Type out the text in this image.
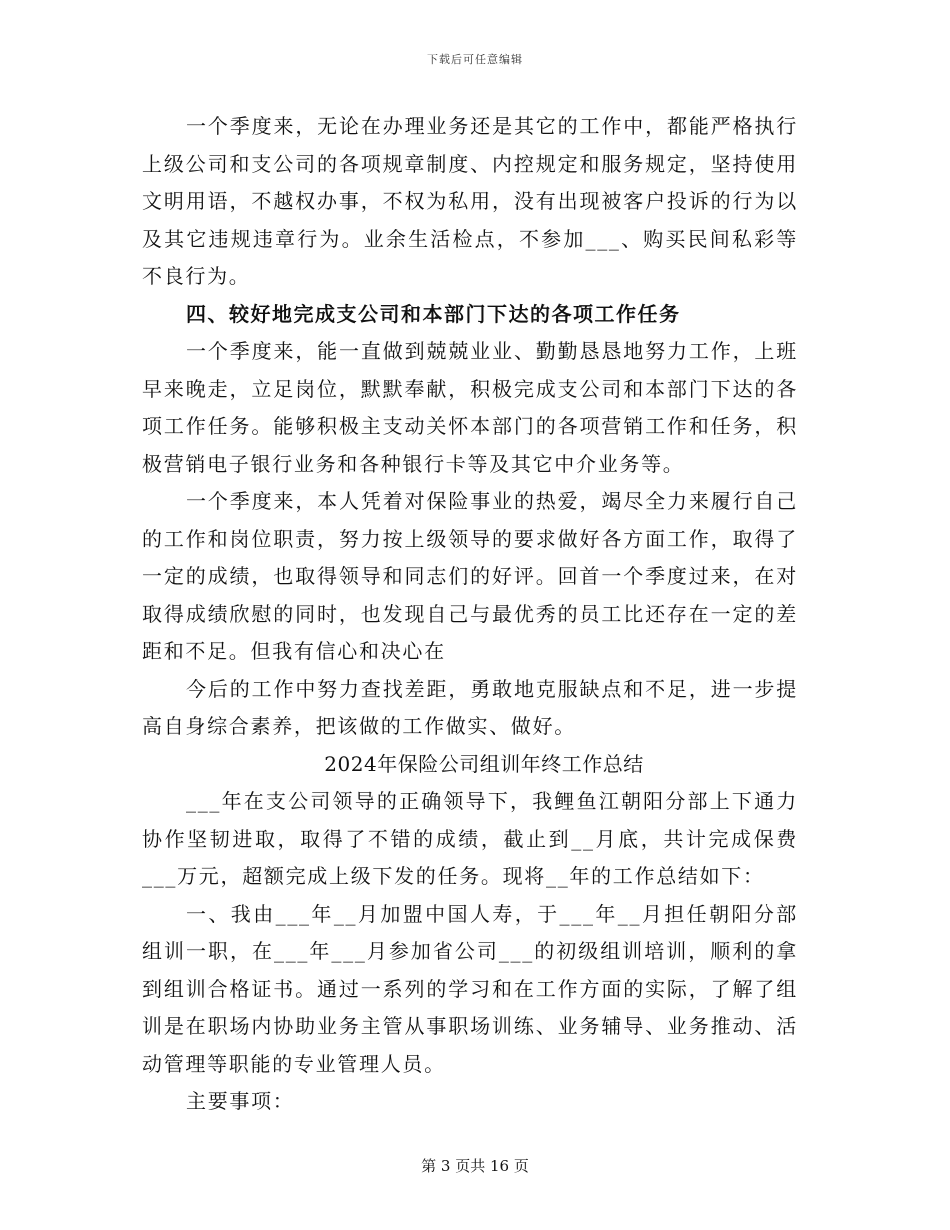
下载后可任意编辑

一个季度来，无论在办理业务还是其它的工作中，都能严格执行上级公司和支公司的各项规章制度、内控规定和服务规定，坚持使用文明用语，不越权办事，不权为私用，没有出现被客户投诉的行为以及其它违规违章行为。业余生活检点，不参加___、购买民间私彩等不良行为。

四、较好地完成支公司和本部门下达的各项工作任务

一个季度来，能一直做到兢兢业业、勤勤恳恳地努力工作，上班早来晚走，立足岗位，默默奉献，积极完成支公司和本部门下达的各项工作任务。能够积极主支动关怀本部门的各项营销工作和任务，积极营销电子银行业务和各种银行卡等及其它中介业务等。

一个季度来，本人凭着对保险事业的热爱，竭尽全力来履行自己的工作和岗位职责，努力按上级领导的要求做好各方面工作，取得了一定的成绩，也取得领导和同志们的好评。回首一个季度过来，在对取得成绩欣慰的同时，也发现自己与最优秀的员工比还存在一定的差距和不足。但我有信心和决心在

今后的工作中努力查找差距，勇敢地克服缺点和不足，进一步提高自身综合素养，把该做的工作做实、做好。

2024年保险公司组训年终工作总结

___年在支公司领导的正确领导下，我鲤鱼江朝阳分部上下通力协作坚韧进取，取得了不错的成绩，截止到__月底，共计完成保费___万元，超额完成上级下发的任务。现将__年的工作总结如下：

一、我由___年__月加盟中国人寿，于___年__月担任朝阳分部组训一职，在___年___月参加省公司___的初级组训培训，顺利的拿到组训合格证书。通过一系列的学习和在工作方面的实际，了解了组训是在职场内协助业务主管从事职场训练、业务辅导、业务推动、活动管理等职能的专业管理人员。

主要事项：

第 3 页共 16 页
